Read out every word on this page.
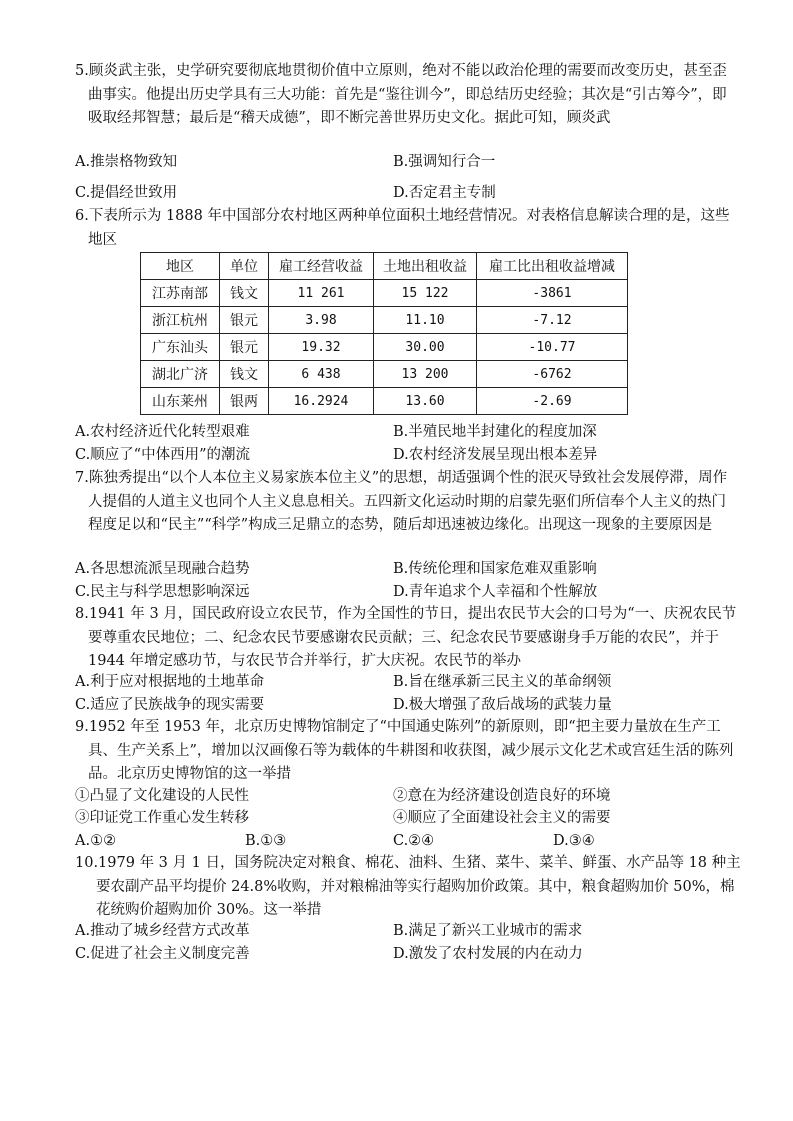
5.顾炎武主张，史学研究要彻底地贯彻价值中立原则，绝对不能以政治伦理的需要而改变历史，甚至歪曲事实。他提出历史学具有三大功能：首先是“鉴往训今”，即总结历史经验；其次是“引古筹今”，即吸取经邦智慧；最后是“稽天成德”，即不断完善世界历史文化。据此可知，顾炎武
A.推崇格物致知	B.强调知行合一
C.提倡经世致用	D.否定君主专制
6.下表所示为 1888 年中国部分农村地区两种单位面积土地经营情况。对表格信息解读合理的是，这些地区
地区	单位	雇工经营收益	土地出租收益	雇工比出租收益增减
江苏南部	钱文	11 261	15 122	-3861
浙江杭州	银元	3.98	11.10	-7.12
广东汕头	银元	19.32	30.00	-10.77
湖北广济	钱文	6 438	13 200	-6762
山东莱州	银两	16.2924	13.60	-2.69
A.农村经济近代化转型艰难	B.半殖民地半封建化的程度加深
C.顺应了“中体西用”的潮流	D.农村经济发展呈现出根本差异
7.陈独秀提出“以个人本位主义易家族本位主义”的思想，胡适强调个性的泯灭导致社会发展停滞，周作人提倡的人道主义也同个人主义息息相关。五四新文化运动时期的启蒙先驱们所信奉个人主义的热门程度足以和“民主”“科学”构成三足鼎立的态势，随后却迅速被边缘化。出现这一现象的主要原因是
A.各思想流派呈现融合趋势	B.传统伦理和国家危难双重影响
C.民主与科学思想影响深远	D.青年追求个人幸福和个性解放
8.1941 年 3 月，国民政府设立农民节，作为全国性的节日，提出农民节大会的口号为“一、庆祝农民节要尊重农民地位；二、纪念农民节要感谢农民贡献；三、纪念农民节要感谢身手万能的农民”，并于 1944 年增定感功节，与农民节合并举行，扩大庆祝。农民节的举办
A.利于应对根据地的土地革命	B.旨在继承新三民主义的革命纲领
C.适应了民族战争的现实需要	D.极大增强了敌后战场的武装力量
9.1952 年至 1953 年，北京历史博物馆制定了“中国通史陈列”的新原则，即“把主要力量放在生产工具、生产关系上”，增加以汉画像石等为载体的牛耕图和收获图，减少展示文化艺术或宫廷生活的陈列品。北京历史博物馆的这一举措
①凸显了文化建设的人民性	②意在为经济建设创造良好的环境
③印证党工作重心发生转移	④顺应了全面建设社会主义的需要
A.①②	B.①③	C.②④	D.③④
10.1979 年 3 月 1 日，国务院决定对粮食、棉花、油料、生猪、菜牛、菜羊、鲜蛋、水产品等 18 种主要农副产品平均提价 24.8%收购，并对粮棉油等实行超购加价政策。其中，粮食超购加价 50%，棉花统购价超购加价 30%。这一举措
A.推动了城乡经营方式改革	B.满足了新兴工业城市的需求
C.促进了社会主义制度完善	D.激发了农村发展的内在动力
